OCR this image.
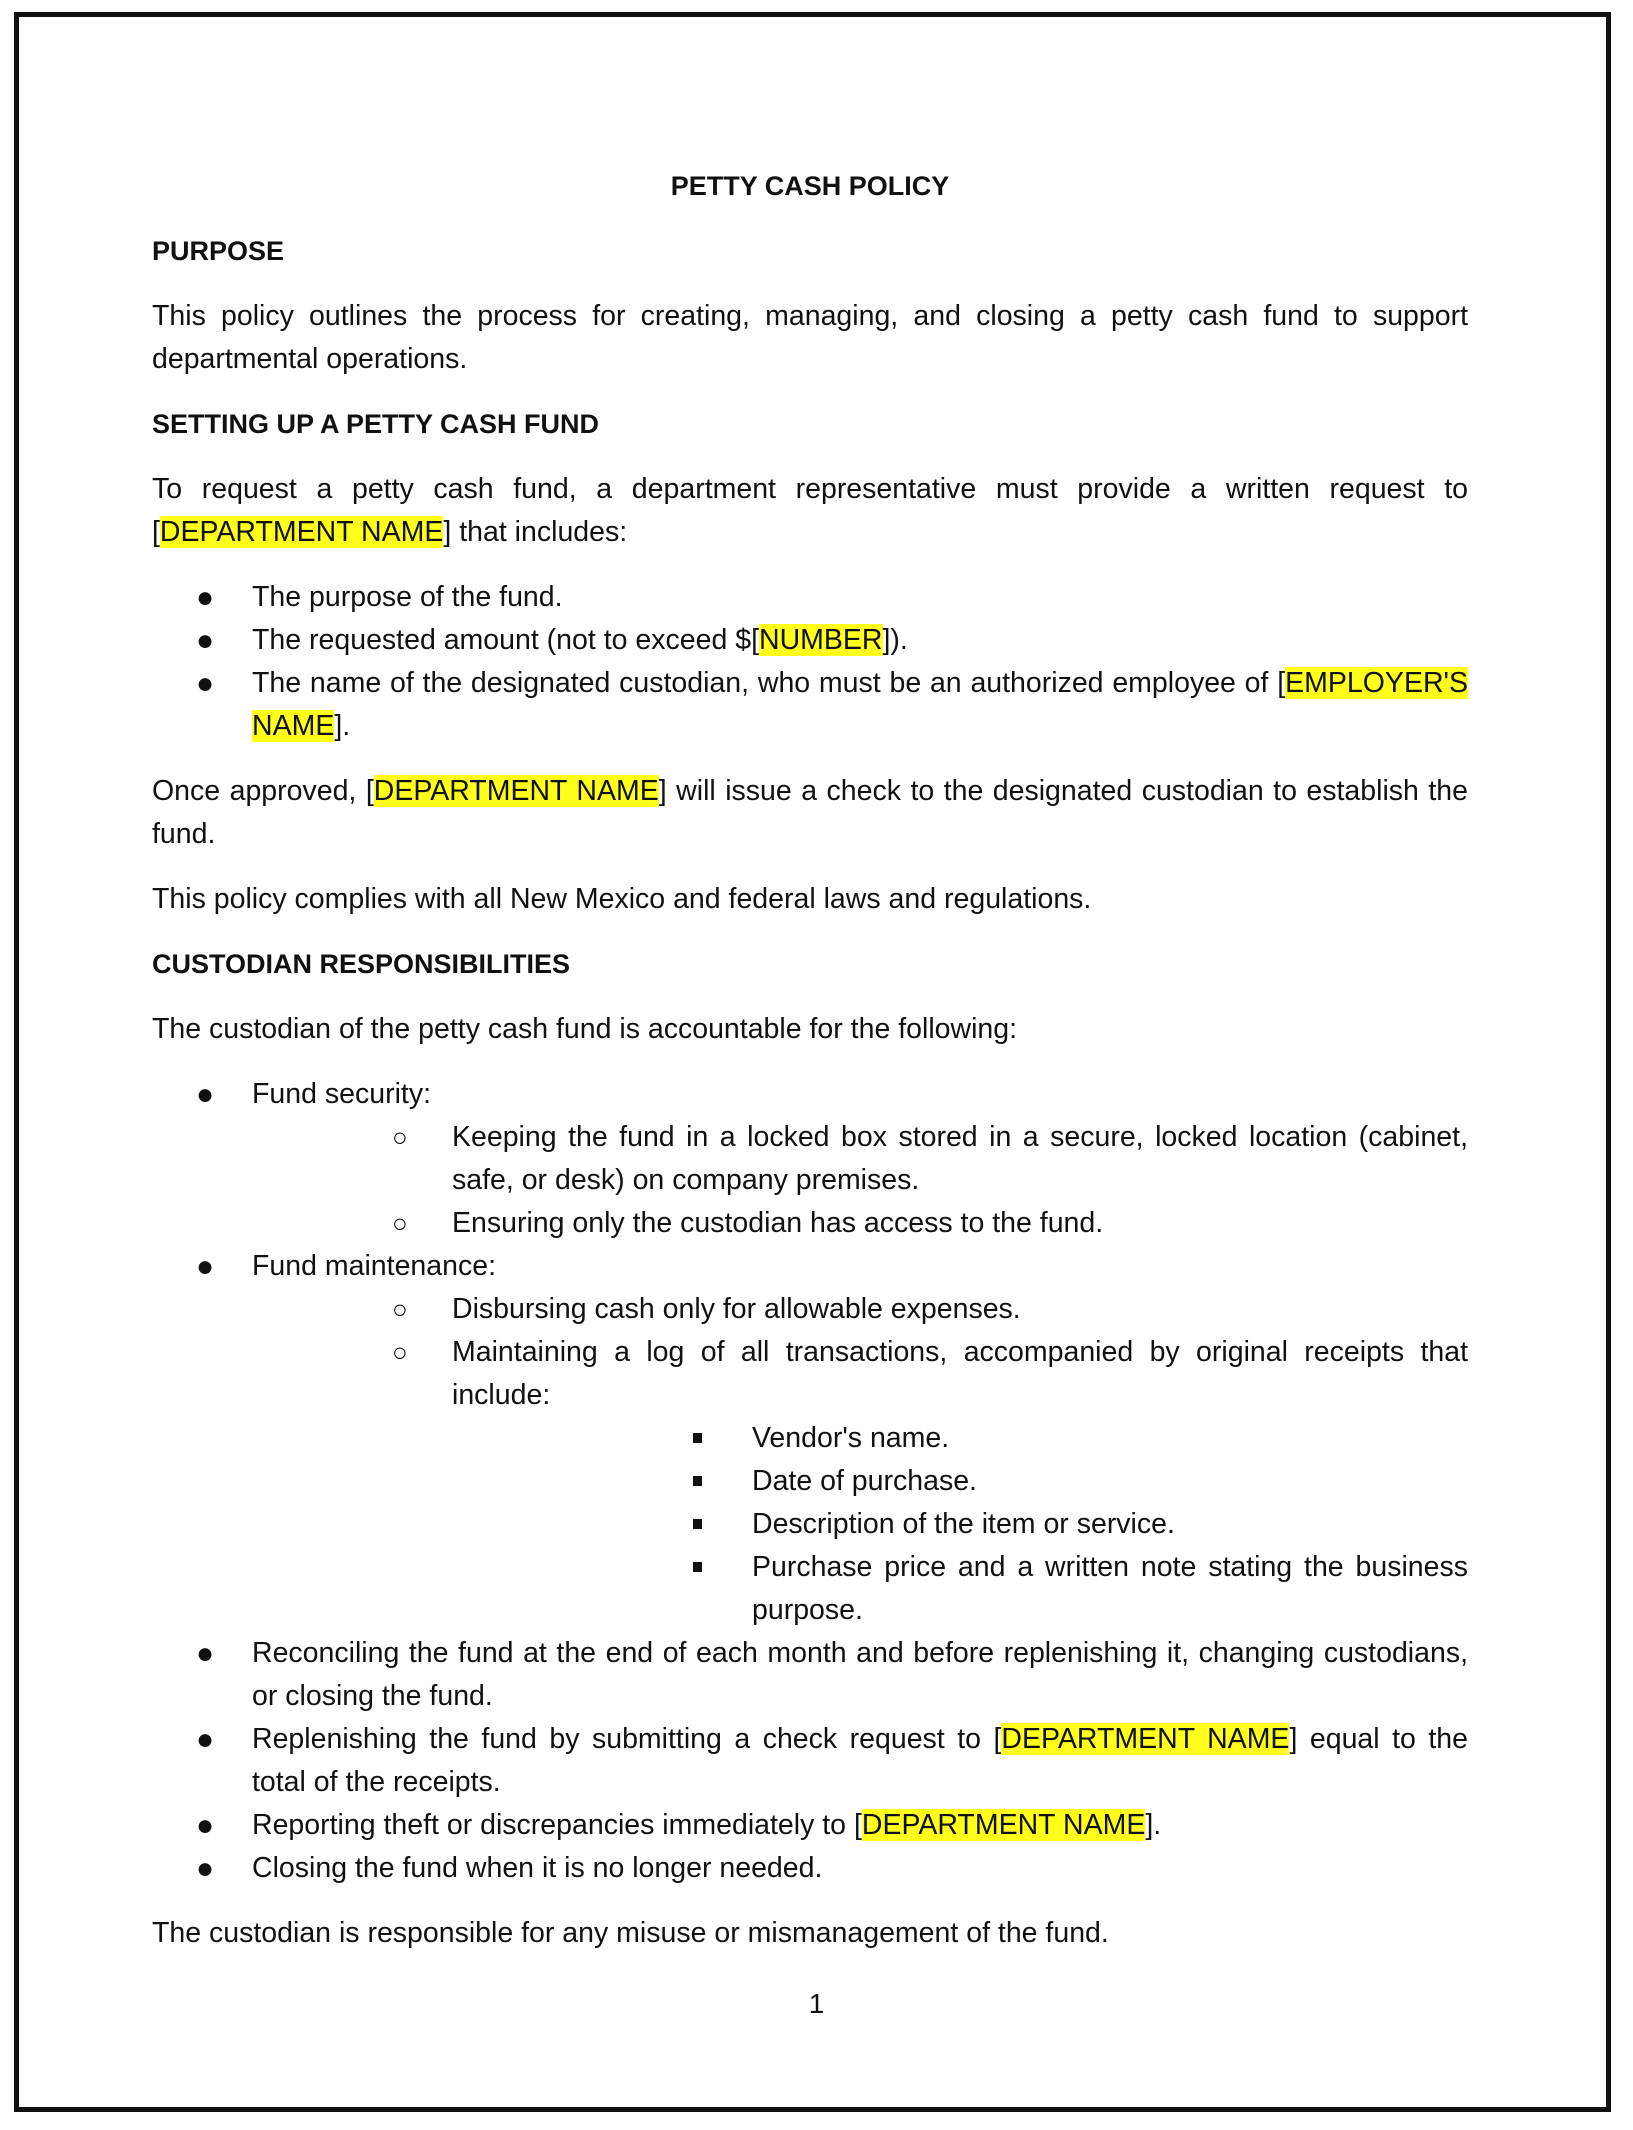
PETTY CASH POLICY
PURPOSE

This policy outlines the process for creating, managing, and closing a petty cash fund to support departmental operations.

SETTING UP A PETTY CASH FUND

To request a petty cash fund, a department representative must provide a written request to [DEPARTMENT NAME] that includes:

● The purpose of the fund.
● The requested amount (not to exceed $[NUMBER]).
● The name of the designated custodian, who must be an authorized employee of [EMPLOYER'S NAME].

Once approved, [DEPARTMENT NAME] will issue a check to the designated custodian to establish the fund.

This policy complies with all New Mexico and federal laws and regulations.

CUSTODIAN RESPONSIBILITIES

The custodian of the petty cash fund is accountable for the following:

● Fund security:
○ Keeping the fund in a locked box stored in a secure, locked location (cabinet, safe, or desk) on company premises.
○ Ensuring only the custodian has access to the fund.
● Fund maintenance:
○ Disbursing cash only for allowable expenses.
○ Maintaining a log of all transactions, accompanied by original receipts that include:
Vendor's name.
Date of purchase.
Description of the item or service.
Purchase price and a written note stating the business purpose.
● Reconciling the fund at the end of each month and before replenishing it, changing custodians, or closing the fund.
● Replenishing the fund by submitting a check request to [DEPARTMENT NAME] equal to the total of the receipts.
● Reporting theft or discrepancies immediately to [DEPARTMENT NAME].
● Closing the fund when it is no longer needed.

The custodian is responsible for any misuse or mismanagement of the fund.

1
